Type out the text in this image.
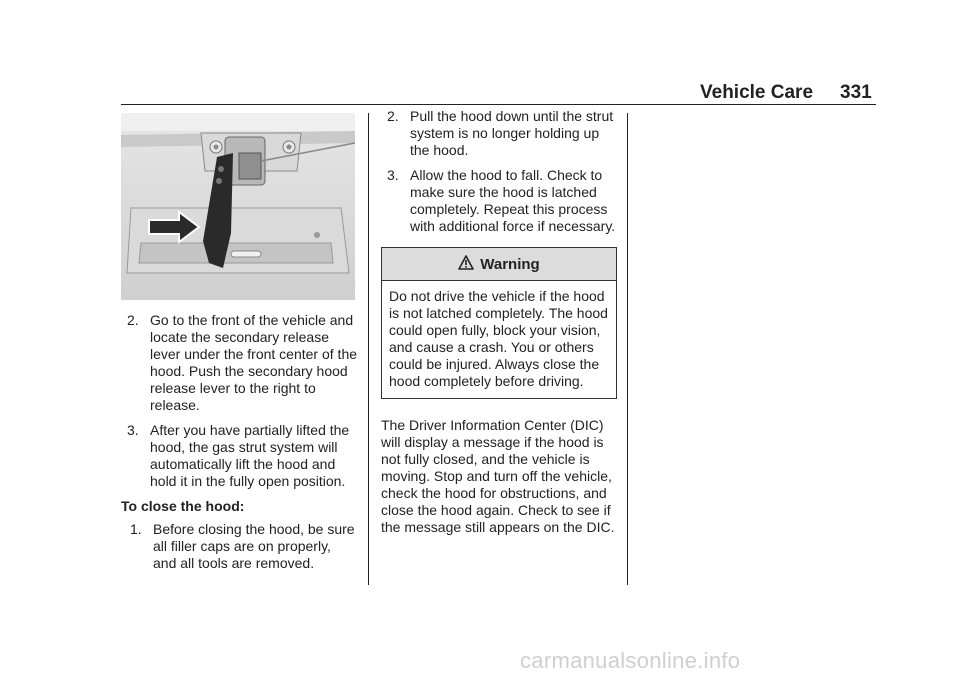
Vehicle Care 331
2. Go to the front of the vehicle and locate the secondary release lever under the front center of the hood. Push the secondary hood release lever to the right to release.
3. After you have partially lifted the hood, the gas strut system will automatically lift the hood and hold it in the fully open position.
To close the hood:
1. Before closing the hood, be sure all filler caps are on properly, and all tools are removed.
2. Pull the hood down until the strut system is no longer holding up the hood.
3. Allow the hood to fall. Check to make sure the hood is latched completely. Repeat this process with additional force if necessary.
Warning
Do not drive the vehicle if the hood is not latched completely. The hood could open fully, block your vision, and cause a crash. You or others could be injured. Always close the hood completely before driving.
The Driver Information Center (DIC) will display a message if the hood is not fully closed, and the vehicle is moving. Stop and turn off the vehicle, check the hood for obstructions, and close the hood again. Check to see if the message still appears on the DIC.
carmanualsonline.info
